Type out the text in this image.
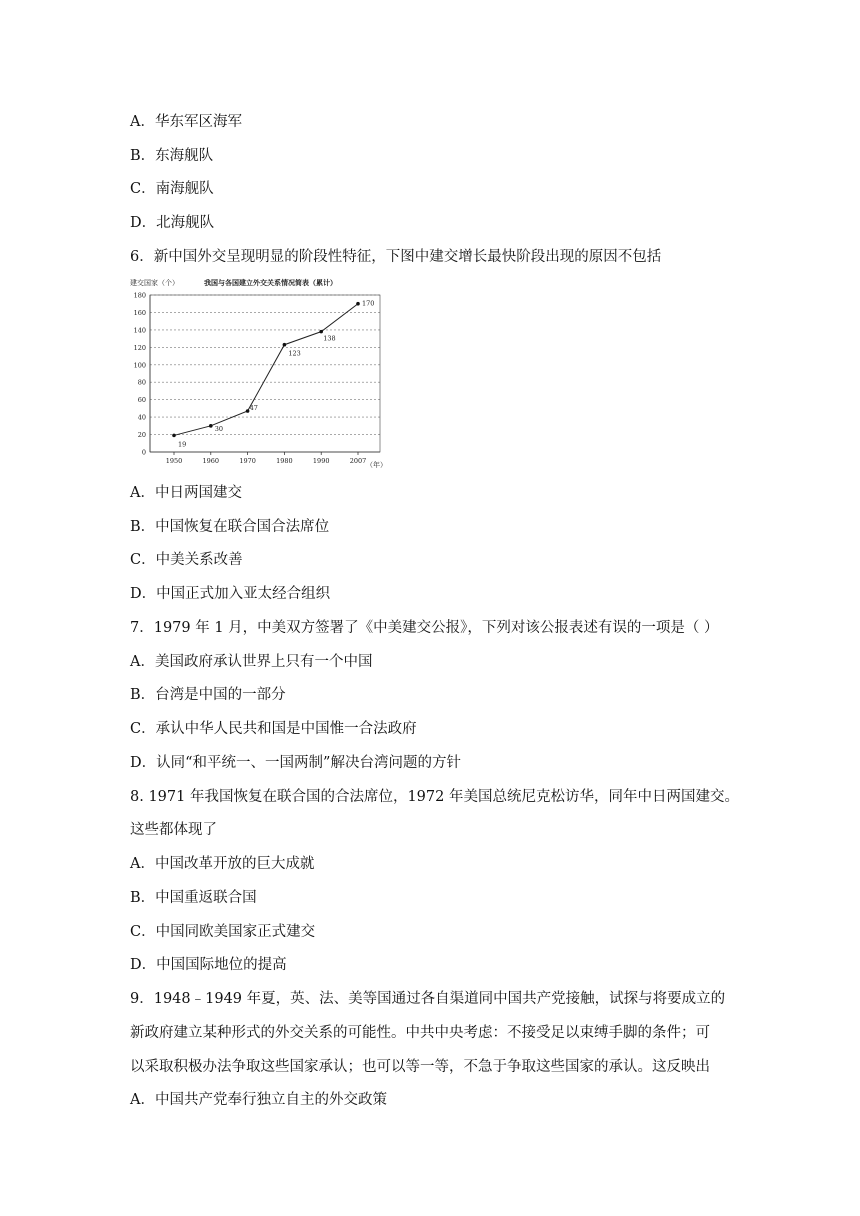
A．华东军区海军
B．东海舰队
C．南海舰队
D．北海舰队
6．新中国外交呈现明显的阶段性特征，下图中建交增长最快阶段出现的原因不包括
0
20
40
60
80
100
120
140
160
180
1950	1960	1970	1980	1990	2007
19
30
47
123
138
170
建交国家（个）	我国与各国建立外交关系情况简表（累计）
（年）
A．中日两国建交
B．中国恢复在联合国合法席位
C．中美关系改善
D．中国正式加入亚太经合组织
7．1979 年 1 月，中美双方签署了《中美建交公报》，下列对该公报表述有误的一项是（ ）
A．美国政府承认世界上只有一个中国
B．台湾是中国的一部分
C．承认中华人民共和国是中国惟一合法政府
D．认同“和平统一、一国两制”解决台湾问题的方针
8. 1971 年我国恢复在联合国的合法席位，1972 年美国总统尼克松访华，同年中日两国建交。
这些都体现了
A．中国改革开放的巨大成就
B．中国重返联合国
C．中国同欧美国家正式建交
D．中国国际地位的提高
9．1948﹣1949 年夏，英、法、美等国通过各自渠道同中国共产党接触，试探与将要成立的
新政府建立某种形式的外交关系的可能性。中共中央考虑：不接受足以束缚手脚的条件；可
以采取积极办法争取这些国家承认；也可以等一等，不急于争取这些国家的承认。这反映出
A．中国共产党奉行独立自主的外交政策
